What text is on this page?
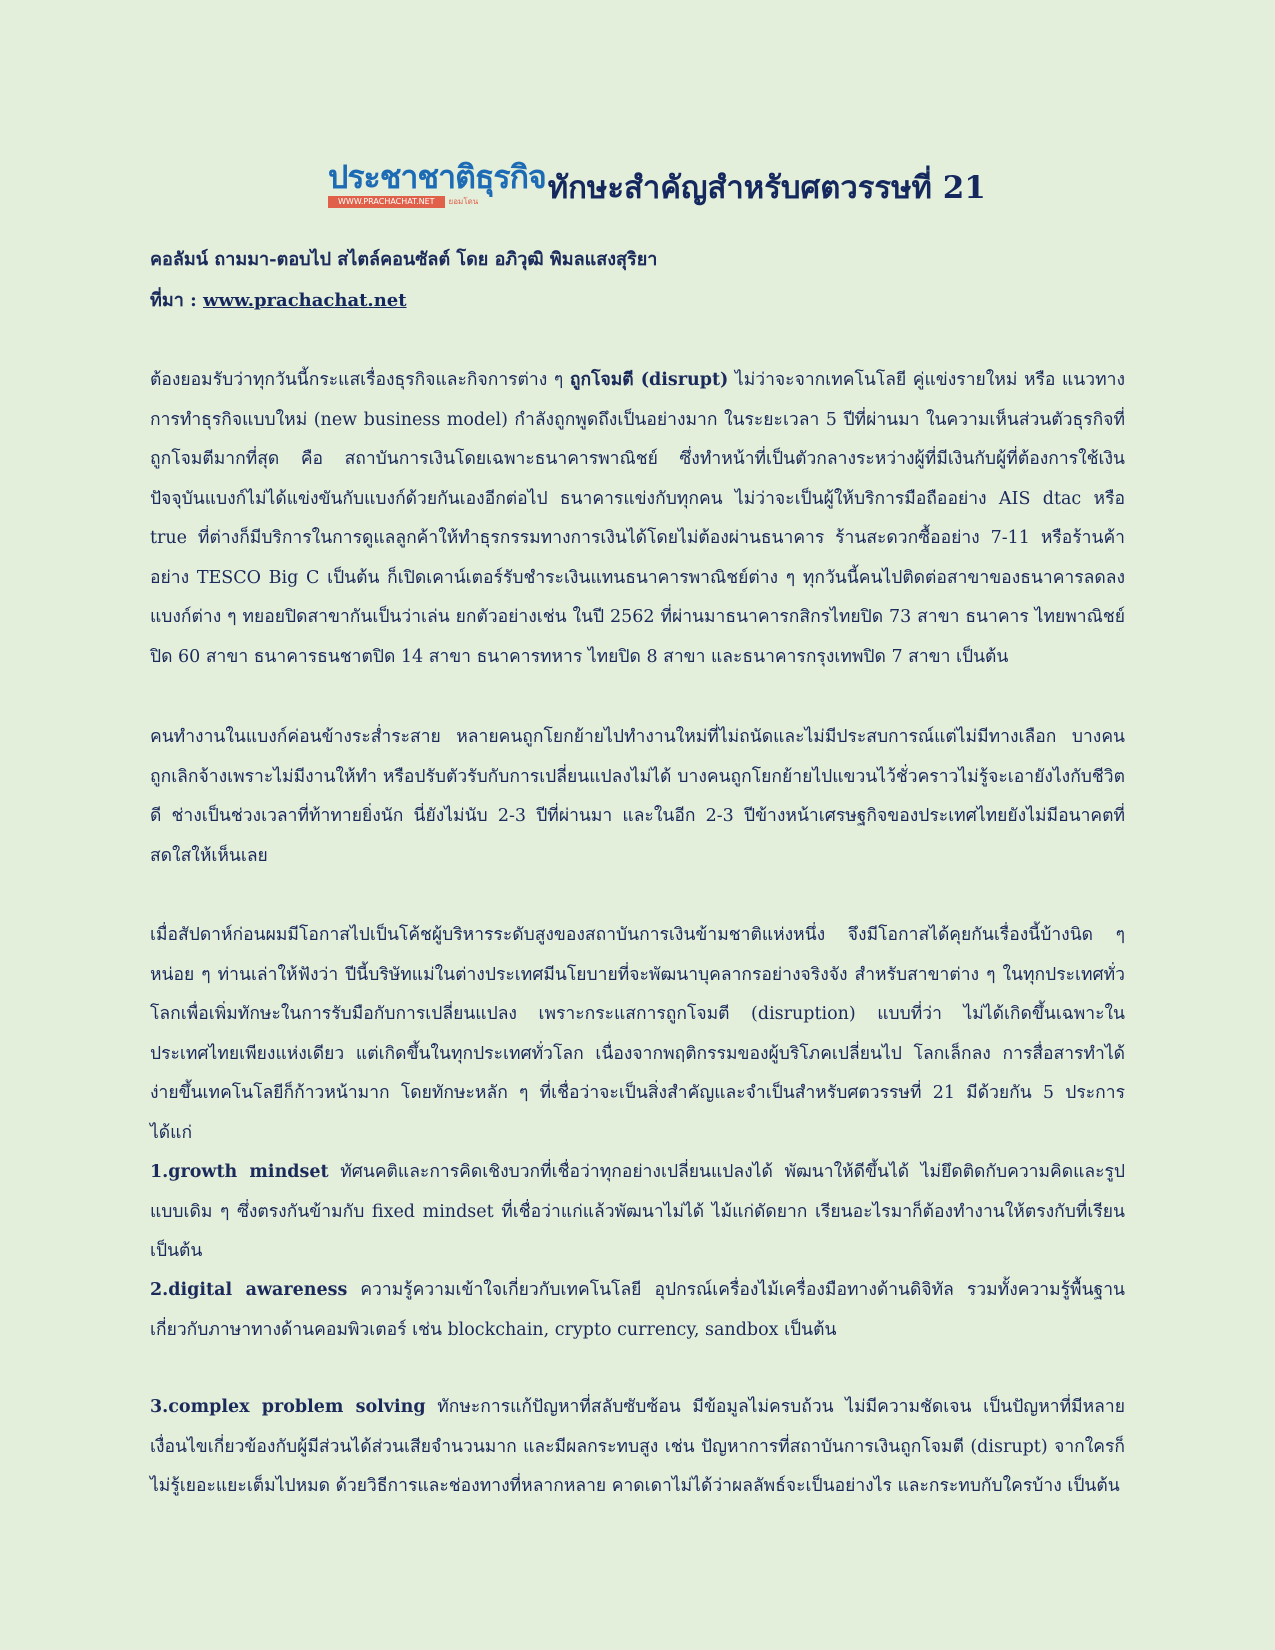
ประชาชาติธุรกิจ
WWW.PRACHACHAT.NET	ยอมโดน ทักษะสำคัญสำหรับศตวรรษที่ 21
คอลัมน์ ถามมา-ตอบไป สไตล์คอนซัลต์ โดย อภิวุฒิ พิมลแสงสุริยา
ที่มา : www.prachachat.net

ต้องยอมรับว่าทุกวันนี้กระแสเรื่องธุรกิจและกิจการต่าง ๆ ถูกโจมตี (disrupt) ไม่ว่าจะจากเทคโนโลยี คู่แข่งรายใหม่ หรือ แนวทางการทำธุรกิจแบบใหม่ (new business model) กำลังถูกพูดถึงเป็นอย่างมาก ในระยะเวลา 5 ปีที่ผ่านมา ในความเห็นส่วนตัวธุรกิจที่ถูกโจมตีมากที่สุด คือ สถาบันการเงินโดยเฉพาะธนาคารพาณิชย์ ซึ่งทำหน้าที่เป็นตัวกลางระหว่างผู้ที่มีเงินกับผู้ที่ต้องการใช้เงิน ปัจจุบันแบงก์ไม่ได้แข่งขันกับแบงก์ด้วยกันเองอีกต่อไป ธนาคารแข่งกับทุกคน ไม่ว่าจะเป็นผู้ให้บริการมือถืออย่าง AIS dtac หรือ true ที่ต่างก็มีบริการในการดูแลลูกค้าให้ทำธุรกรรมทางการเงินได้โดยไม่ต้องผ่านธนาคาร ร้านสะดวกซื้ออย่าง 7-11 หรือร้านค้าอย่าง TESCO Big C เป็นต้น ก็เปิดเคาน์เตอร์รับชำระเงินแทนธนาคารพาณิชย์ต่าง ๆ ทุกวันนี้คนไปติดต่อสาขาของธนาคารลดลง แบงก์ต่าง ๆ ทยอยปิดสาขากันเป็นว่าเล่น ยกตัวอย่างเช่น ในปี 2562 ที่ผ่านมาธนาคารกสิกรไทยปิด 73 สาขา ธนาคาร ไทยพาณิชย์ปิด 60 สาขา ธนาคารธนชาตปิด 14 สาขา ธนาคารทหาร ไทยปิด 8 สาขา และธนาคารกรุงเทพปิด 7 สาขา เป็นต้น

คนทำงานในแบงก์ค่อนข้างระส่ำระสาย หลายคนถูกโยกย้ายไปทำงานใหม่ที่ไม่ถนัดและไม่มีประสบการณ์แต่ไม่มีทางเลือก บางคนถูกเลิกจ้างเพราะไม่มีงานให้ทำ หรือปรับตัวรับกับการเปลี่ยนแปลงไม่ได้ บางคนถูกโยกย้ายไปแขวนไว้ชั่วคราวไม่รู้จะเอายังไงกับชีวิตดี ช่างเป็นช่วงเวลาที่ท้าทายยิ่งนัก นี่ยังไม่นับ 2-3 ปีที่ผ่านมา และในอีก 2-3 ปีข้างหน้าเศรษฐกิจของประเทศไทยยังไม่มีอนาคตที่สดใสให้เห็นเลย

เมื่อสัปดาห์ก่อนผมมีโอกาสไปเป็นโค้ชผู้บริหารระดับสูงของสถาบันการเงินข้ามชาติแห่งหนึ่ง จึงมีโอกาสได้คุยกันเรื่องนี้บ้างนิด ๆ หน่อย ๆ ท่านเล่าให้ฟังว่า ปีนี้บริษัทแม่ในต่างประเทศมีนโยบายที่จะพัฒนาบุคลากรอย่างจริงจัง สำหรับสาขาต่าง ๆ ในทุกประเทศทั่วโลกเพื่อเพิ่มทักษะในการรับมือกับการเปลี่ยนแปลง เพราะกระแสการถูกโจมตี (disruption) แบบที่ว่า ไม่ได้เกิดขึ้นเฉพาะในประเทศไทยเพียงแห่งเดียว แต่เกิดขึ้นในทุกประเทศทั่วโลก เนื่องจากพฤติกรรมของผู้บริโภคเปลี่ยนไป โลกเล็กลง การสื่อสารทำได้ง่ายขึ้นเทคโนโลยีก็ก้าวหน้ามาก โดยทักษะหลัก ๆ ที่เชื่อว่าจะเป็นสิ่งสำคัญและจำเป็นสำหรับศตวรรษที่ 21 มีด้วยกัน 5 ประการ ได้แก่

1.growth mindset ทัศนคติและการคิดเชิงบวกที่เชื่อว่าทุกอย่างเปลี่ยนแปลงได้ พัฒนาให้ดีขึ้นได้ ไม่ยึดติดกับความคิดและรูปแบบเดิม ๆ ซึ่งตรงกันข้ามกับ fixed mindset ที่เชื่อว่าแก่แล้วพัฒนาไม่ได้ ไม้แก่ดัดยาก เรียนอะไรมาก็ต้องทำงานให้ตรงกับที่เรียน เป็นต้น

2.digital awareness ความรู้ความเข้าใจเกี่ยวกับเทคโนโลยี อุปกรณ์เครื่องไม้เครื่องมือทางด้านดิจิทัล รวมทั้งความรู้พื้นฐานเกี่ยวกับภาษาทางด้านคอมพิวเตอร์ เช่น blockchain, crypto currency, sandbox เป็นต้น

3.complex problem solving ทักษะการแก้ปัญหาที่สลับซับซ้อน มีข้อมูลไม่ครบถ้วน ไม่มีความชัดเจน เป็นปัญหาที่มีหลายเงื่อนไขเกี่ยวข้องกับผู้มีส่วนได้ส่วนเสียจำนวนมาก และมีผลกระทบสูง เช่น ปัญหาการที่สถาบันการเงินถูกโจมตี (disrupt) จากใครก็ไม่รู้เยอะแยะเต็มไปหมด ด้วยวิธีการและช่องทางที่หลากหลาย คาดเดาไม่ได้ว่าผลลัพธ์จะเป็นอย่างไร และกระทบกับใครบ้าง เป็นต้น
